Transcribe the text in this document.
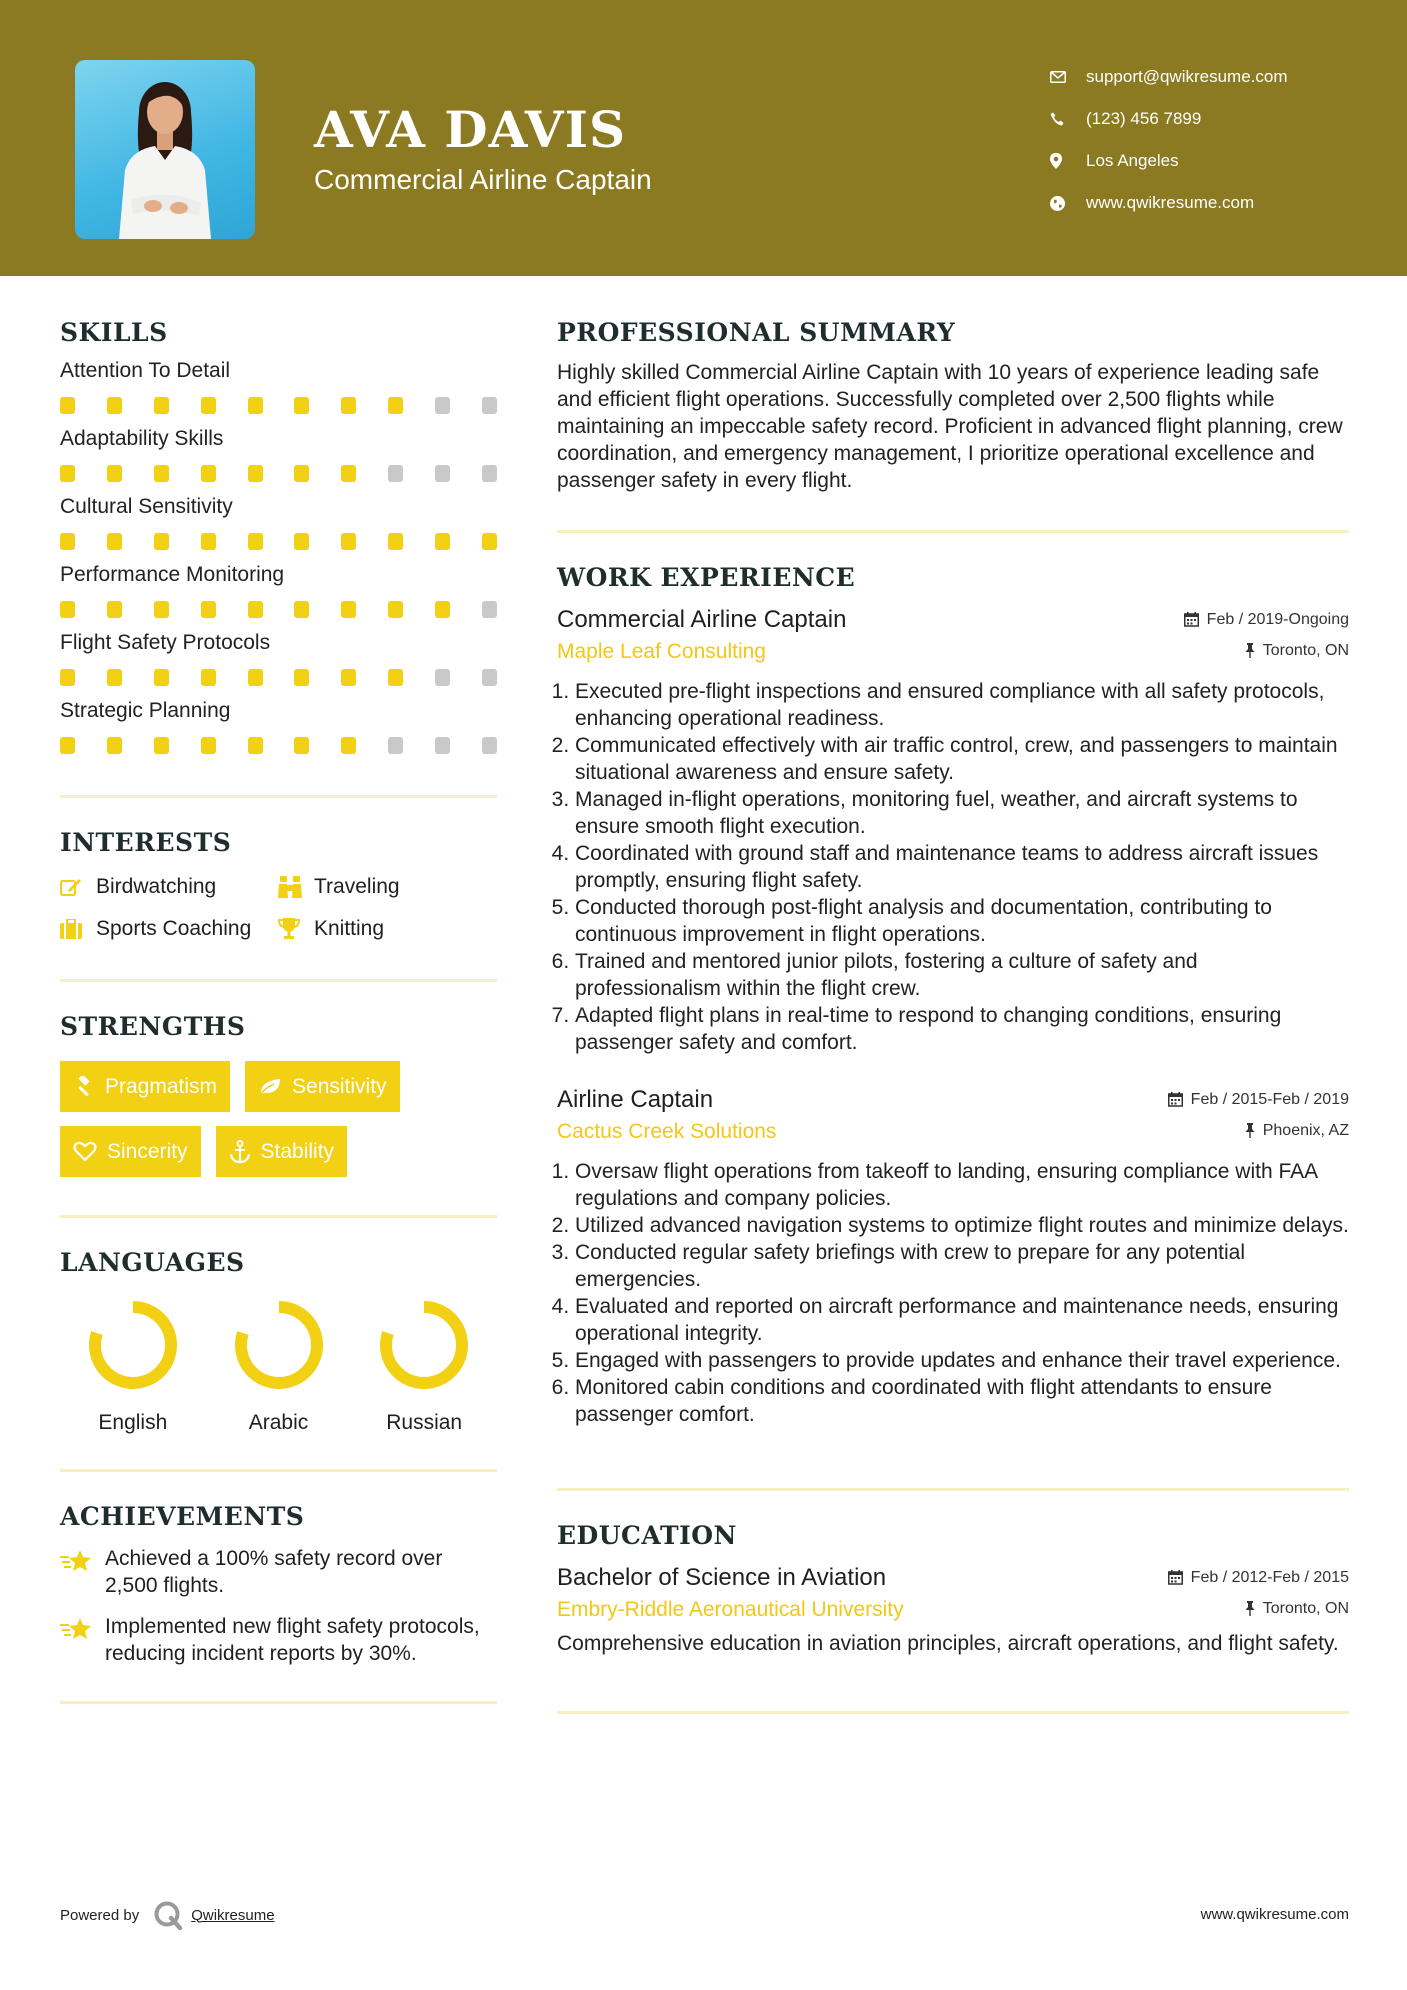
AVA DAVIS
Commercial Airline Captain
support@qwikresume.com
(123) 456 7899
Los Angeles
www.qwikresume.com
SKILLS
Attention To Detail
Adaptability Skills
Cultural Sensitivity
Performance Monitoring
Flight Safety Protocols
Strategic Planning
INTERESTS
Birdwatching	Traveling
Sports Coaching	Knitting
STRENGTHS
Pragmatism	Sensitivity
Sincerity	Stability
LANGUAGES
English	Arabic	Russian
ACHIEVEMENTS
Achieved a 100% safety record over 2,500 flights.
Implemented new flight safety protocols, reducing incident reports by 30%.
PROFESSIONAL SUMMARY
Highly skilled Commercial Airline Captain with 10 years of experience leading safe and efficient flight operations. Successfully completed over 2,500 flights while maintaining an impeccable safety record. Proficient in advanced flight planning, crew coordination, and emergency management, I prioritize operational excellence and passenger safety in every flight.
WORK EXPERIENCE
Commercial Airline Captain	Feb / 2019-Ongoing
Maple Leaf Consulting	Toronto, ON
1. Executed pre-flight inspections and ensured compliance with all safety protocols, enhancing operational readiness.
2. Communicated effectively with air traffic control, crew, and passengers to maintain situational awareness and ensure safety.
3. Managed in-flight operations, monitoring fuel, weather, and aircraft systems to ensure smooth flight execution.
4. Coordinated with ground staff and maintenance teams to address aircraft issues promptly, ensuring flight safety.
5. Conducted thorough post-flight analysis and documentation, contributing to continuous improvement in flight operations.
6. Trained and mentored junior pilots, fostering a culture of safety and professionalism within the flight crew.
7. Adapted flight plans in real-time to respond to changing conditions, ensuring passenger safety and comfort.
Airline Captain	Feb / 2015-Feb / 2019
Cactus Creek Solutions	Phoenix, AZ
1. Oversaw flight operations from takeoff to landing, ensuring compliance with FAA regulations and company policies.
2. Utilized advanced navigation systems to optimize flight routes and minimize delays.
3. Conducted regular safety briefings with crew to prepare for any potential emergencies.
4. Evaluated and reported on aircraft performance and maintenance needs, ensuring operational integrity.
5. Engaged with passengers to provide updates and enhance their travel experience.
6. Monitored cabin conditions and coordinated with flight attendants to ensure passenger comfort.
EDUCATION
Bachelor of Science in Aviation	Feb / 2012-Feb / 2015
Embry-Riddle Aeronautical University	Toronto, ON
Comprehensive education in aviation principles, aircraft operations, and flight safety.
Powered by	Qwikresume	www.qwikresume.com
